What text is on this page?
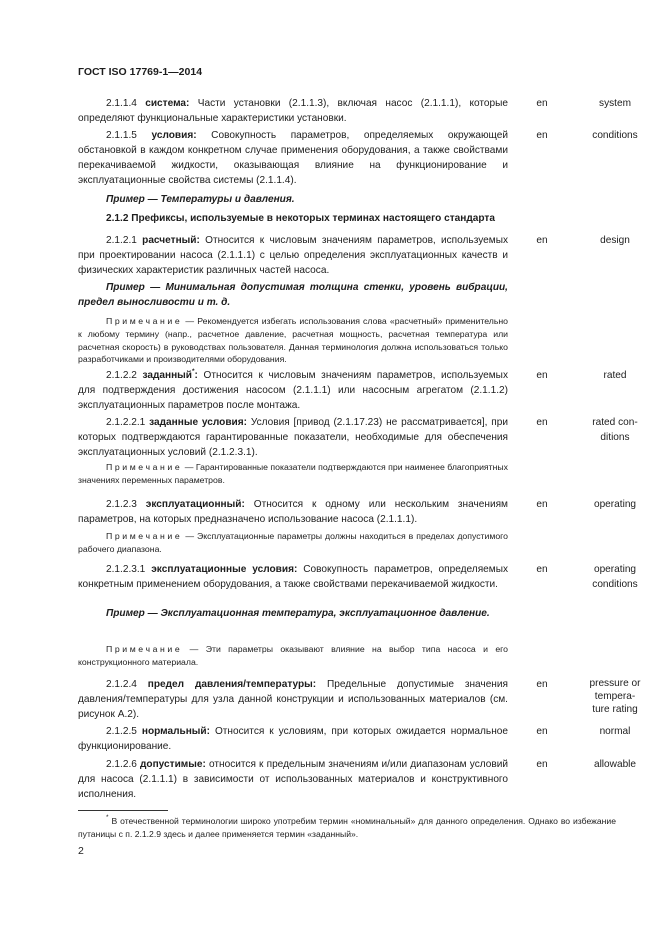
ГОСТ ISO 17769-1—2014
2.1.1.4 система: Части установки (2.1.1.3), включая насос (2.1.1.1), которые определяют функциональные характеристики установки.
en	system
2.1.1.5 условия: Совокупность параметров, определяемых окружающей обстановкой в каждом конкретном случае применения оборудования, а также свойствами перекачиваемой жидкости, оказывающая влияние на функционирование и эксплуатационные свойства системы (2.1.1.4).
en	conditions
Пример — Температуры и давления.
2.1.2 Префиксы, используемые в некоторых терминах настоящего стандарта
2.1.2.1 расчетный: Относится к числовым значениям параметров, используемых при проектировании насоса (2.1.1.1) с целью определения эксплуатационных качеств и физических характеристик различных частей насоса.
en	design
Пример — Минимальная допустимая толщина стенки, уровень вибрации, предел выносливости и т. д.
Примечание — Рекомендуется избегать использования слова «расчетный» применительно к любому термину (напр., расчетное давление, расчетная мощность, расчетная температура или расчетная скорость) в руководствах пользователя. Данная терминология должна использоваться только разработчиками и производителями оборудования.
2.1.2.2 заданный*: Относится к числовым значениям параметров, используемых для подтверждения достижения насосом (2.1.1.1) или насосным агрегатом (2.1.1.2) эксплуатационных параметров после монтажа.
en	rated
2.1.2.2.1 заданные условия: Условия [привод (2.1.17.23) не рассматривается], при которых подтверждаются гарантированные показатели, необходимые для обеспечения эксплуатационных условий (2.1.2.3.1).
en	rated con-
ditions
Примечание — Гарантированные показатели подтверждаются при наименее благоприятных значениях переменных параметров.
2.1.2.3 эксплуатационный: Относится к одному или нескольким значениям параметров, на которых предназначено использование насоса (2.1.1.1).
en	operating
Примечание — Эксплуатационные параметры должны находиться в пределах допустимого рабочего диапазона.
2.1.2.3.1 эксплуатационные условия: Совокупность параметров, определяемых конкретным применением оборудования, а также свойствами перекачиваемой жидкости.
en	operating
conditions
Пример — Эксплуатационная температура, эксплуатационное давление.
Примечание — Эти параметры оказывают влияние на выбор типа насоса и его конструкционного материала.
2.1.2.4 предел давления/температуры: Предельные допустимые значения давления/температуры для узла данной конструкции и использованных материалов (см. рисунок А.2).
en	pressure or
tempera-
ture rating
2.1.2.5 нормальный: Относится к условиям, при которых ожидается нормальное функционирование.
en	normal
2.1.2.6 допустимые: относится к предельным значениям и/или диапазонам условий для насоса (2.1.1.1) в зависимости от использованных материалов и конструктивного исполнения.
en	allowable
* В отечественной терминологии широко употребим термин «номинальный» для данного определения. Однако во избежание путаницы с п. 2.1.2.9 здесь и далее применяется термин «заданный».
2
